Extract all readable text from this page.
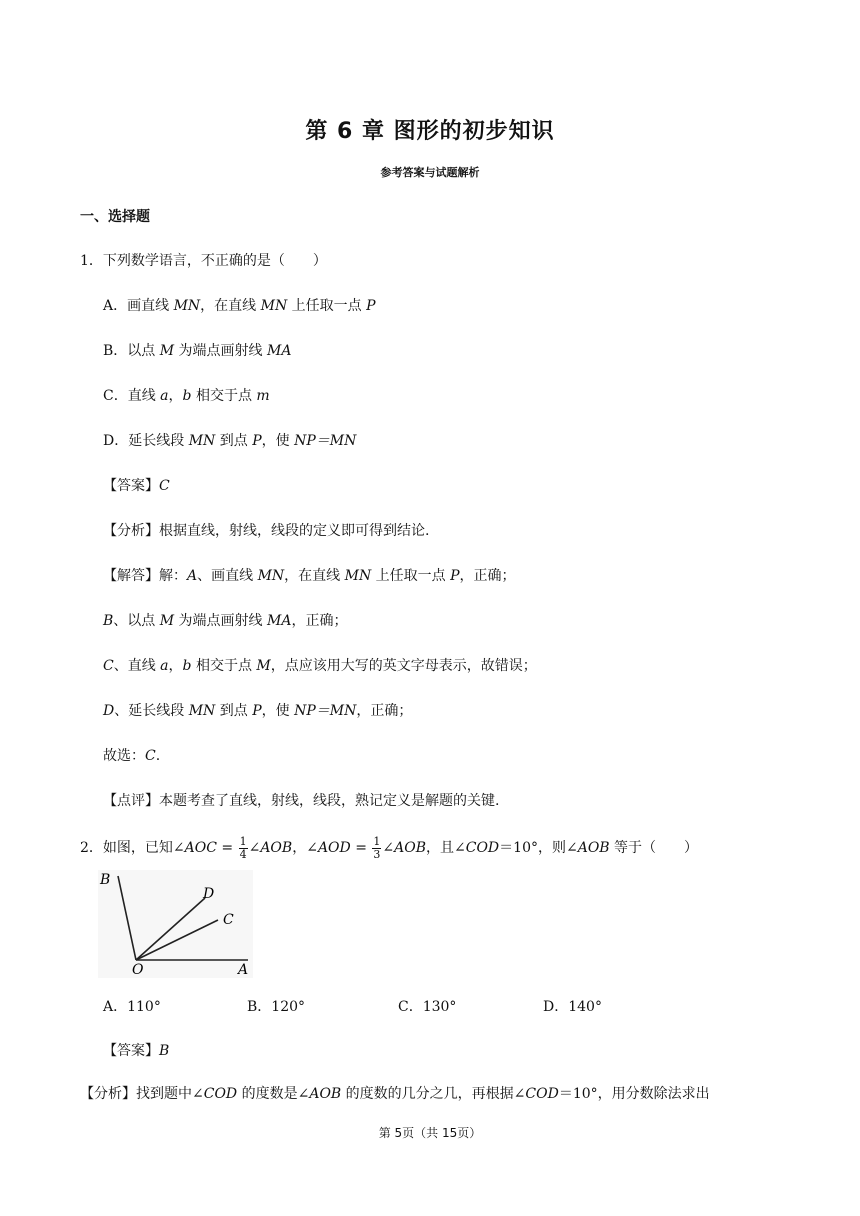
第 6 章 图形的初步知识
参考答案与试题解析
一、选择题
1．下列数学语言，不正确的是（　　）
A．画直线 MN，在直线 MN 上任取一点 P
B．以点 M 为端点画射线 MA
C．直线 a，b 相交于点 m
D．延长线段 MN 到点 P，使 NP＝MN
【答案】C
【分析】根据直线，射线，线段的定义即可得到结论.
【解答】解：A、画直线 MN，在直线 MN 上任取一点 P，正确；
B、以点 M 为端点画射线 MA，正确；
C、直线 a，b 相交于点 M，点应该用大写的英文字母表示，故错误；
D、延长线段 MN 到点 P，使 NP＝MN，正确；
故选：C.
【点评】本题考查了直线，射线，线段，熟记定义是解题的关键.
2．如图，已知∠AOC = $\frac{1}{4}$ ∠AOB，∠AOD = $\frac{1}{3}$ ∠AOB，且∠COD＝10°，则∠AOB 等于（　　）
B
D
C
O	A
A．110°	B．120°	C．130°	D．140°
【答案】B
【分析】找到题中∠COD 的度数是∠AOB 的度数的几分之几，再根据∠COD＝10°，用分数除法求出
第 5页（共 15页）
